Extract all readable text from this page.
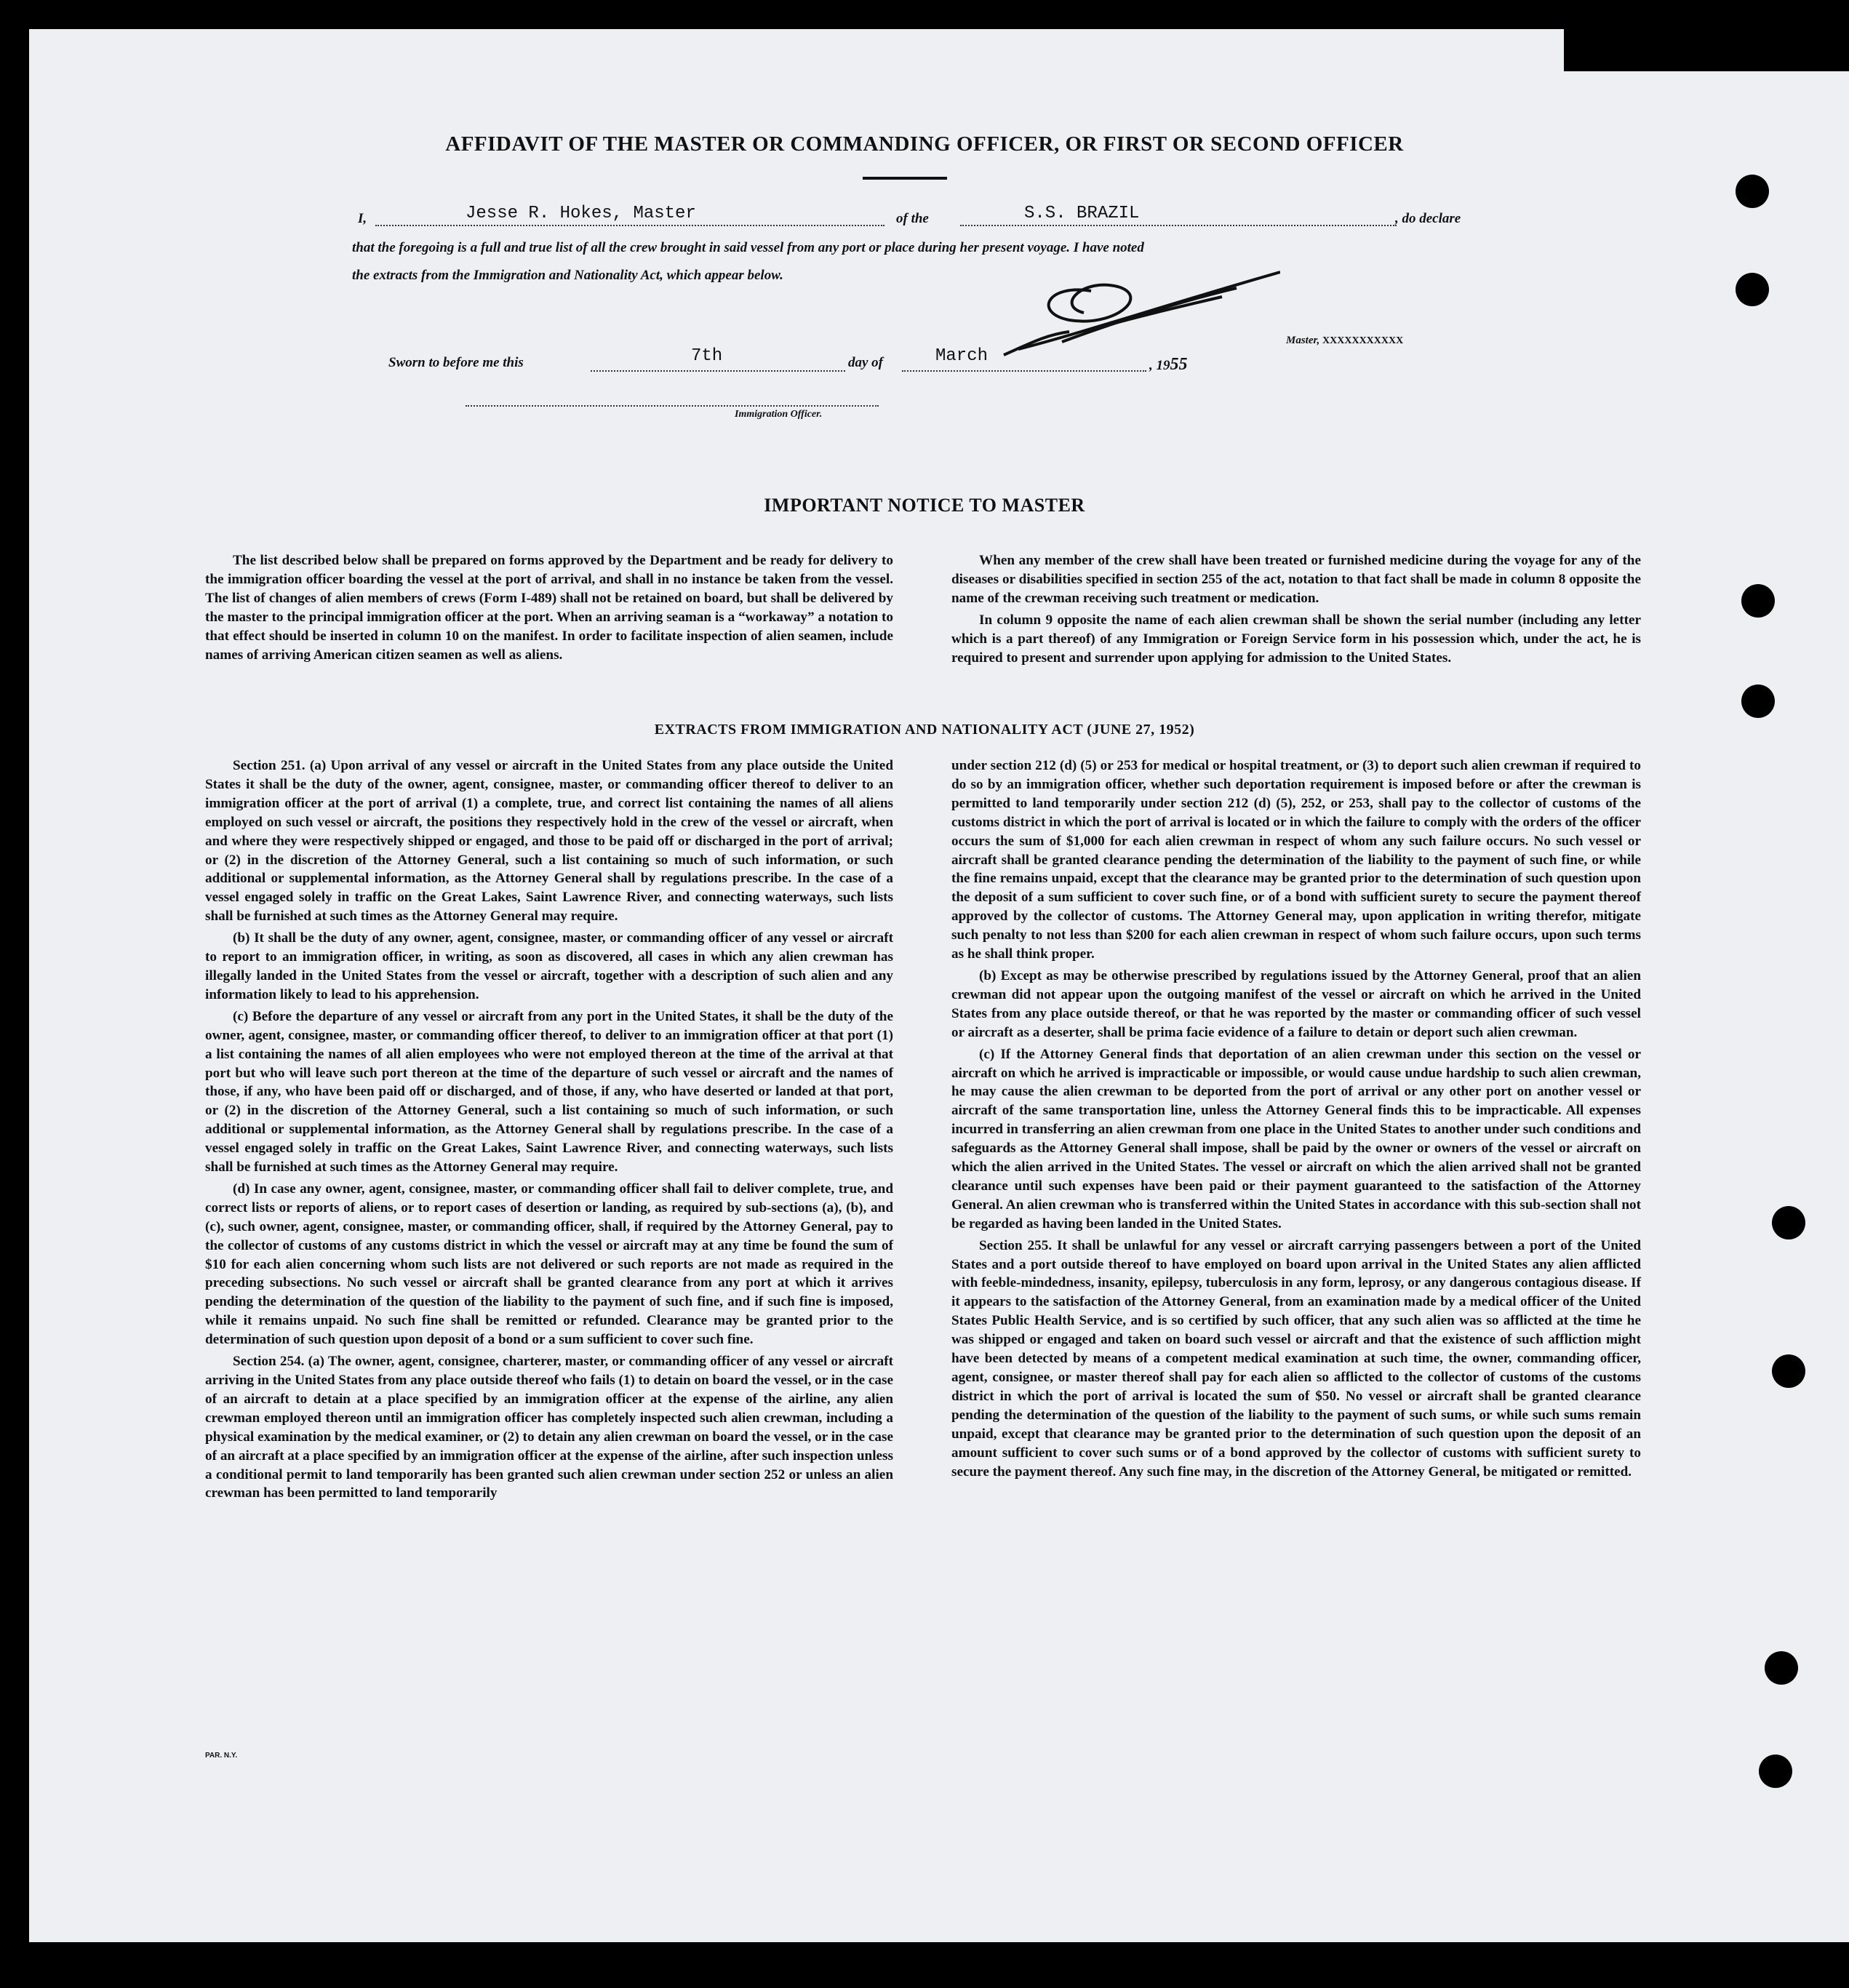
AFFIDAVIT OF THE MASTER OR COMMANDING OFFICER, OR FIRST OR SECOND OFFICER
I,	Jesse R. Hokes, Master	of the	S.S. BRAZIL	, do declare
that the foregoing is a full and true list of all the crew brought in said vessel from any port or place during her present voyage. I have noted
the extracts from the Immigration and Nationality Act, which appear below.
Master, XXXXXXXXXXX
Sworn to before me this	7th	day of	March	, 1955
Immigration Officer.
IMPORTANT NOTICE TO MASTER

The list described below shall be prepared on forms approved by the Department and be ready for delivery to the immigration officer boarding the vessel at the port of arrival, and shall in no instance be taken from the vessel. The list of changes of alien members of crews (Form I-489) shall not be retained on board, but shall be delivered by the master to the principal immigration officer at the port. When an arriving seaman is a “workaway” a notation to that effect should be inserted in column 10 on the manifest. In order to facilitate inspection of alien seamen, include names of arriving American citizen seamen as well as aliens.

When any member of the crew shall have been treated or furnished medicine during the voyage for any of the diseases or disabilities specified in section 255 of the act, notation to that fact shall be made in column 8 opposite the name of the crewman receiving such treatment or medication.

In column 9 opposite the name of each alien crewman shall be shown the serial number (including any letter which is a part thereof) of any Immigration or Foreign Service form in his possession which, under the act, he is required to present and surrender upon applying for admission to the United States.

EXTRACTS FROM IMMIGRATION AND NATIONALITY ACT (JUNE 27, 1952)

Section 251. (a) Upon arrival of any vessel or aircraft in the United States from any place outside the United States it shall be the duty of the owner, agent, consignee, master, or commanding officer thereof to deliver to an immigration officer at the port of arrival (1) a complete, true, and correct list containing the names of all aliens employed on such vessel or aircraft, the positions they respectively hold in the crew of the vessel or aircraft, when and where they were respectively shipped or engaged, and those to be paid off or discharged in the port of arrival; or (2) in the discretion of the Attorney General, such a list containing so much of such information, or such additional or supplemental information, as the Attorney General shall by regulations prescribe. In the case of a vessel engaged solely in traffic on the Great Lakes, Saint Lawrence River, and connecting waterways, such lists shall be furnished at such times as the Attorney General may require.

(b) It shall be the duty of any owner, agent, consignee, master, or commanding officer of any vessel or aircraft to report to an immigration officer, in writing, as soon as discovered, all cases in which any alien crewman has illegally landed in the United States from the vessel or aircraft, together with a description of such alien and any information likely to lead to his apprehension.

(c) Before the departure of any vessel or aircraft from any port in the United States, it shall be the duty of the owner, agent, consignee, master, or commanding officer thereof, to deliver to an immigration officer at that port (1) a list containing the names of all alien employees who were not employed thereon at the time of the arrival at that port but who will leave such port thereon at the time of the departure of such vessel or aircraft and the names of those, if any, who have been paid off or discharged, and of those, if any, who have deserted or landed at that port, or (2) in the discretion of the Attorney General, such a list containing so much of such information, or such additional or supplemental information, as the Attorney General shall by regulations prescribe. In the case of a vessel engaged solely in traffic on the Great Lakes, Saint Lawrence River, and connecting waterways, such lists shall be furnished at such times as the Attorney General may require.

(d) In case any owner, agent, consignee, master, or commanding officer shall fail to deliver complete, true, and correct lists or reports of aliens, or to report cases of desertion or landing, as required by sub-sections (a), (b), and (c), such owner, agent, consignee, master, or commanding officer, shall, if required by the Attorney General, pay to the collector of customs of any customs district in which the vessel or aircraft may at any time be found the sum of $10 for each alien concerning whom such lists are not delivered or such reports are not made as required in the preceding subsections. No such vessel or aircraft shall be granted clearance from any port at which it arrives pending the determination of the question of the liability to the payment of such fine, and if such fine is imposed, while it remains unpaid. No such fine shall be remitted or refunded. Clearance may be granted prior to the determination of such question upon deposit of a bond or a sum sufficient to cover such fine.

Section 254. (a) The owner, agent, consignee, charterer, master, or commanding officer of any vessel or aircraft arriving in the United States from any place outside thereof who fails (1) to detain on board the vessel, or in the case of an aircraft to detain at a place specified by an immigration officer at the expense of the airline, any alien crewman employed thereon until an immigration officer has completely inspected such alien crewman, including a physical examination by the medical examiner, or (2) to detain any alien crewman on board the vessel, or in the case of an aircraft at a place specified by an immigration officer at the expense of the airline, after such inspection unless a conditional permit to land temporarily has been granted such alien crewman under section 252 or unless an alien crewman has been permitted to land temporarily

under section 212 (d) (5) or 253 for medical or hospital treatment, or (3) to deport such alien crewman if required to do so by an immigration officer, whether such deportation requirement is imposed before or after the crewman is permitted to land temporarily under section 212 (d) (5), 252, or 253, shall pay to the collector of customs of the customs district in which the port of arrival is located or in which the failure to comply with the orders of the officer occurs the sum of $1,000 for each alien crewman in respect of whom any such failure occurs. No such vessel or aircraft shall be granted clearance pending the determination of the liability to the payment of such fine, or while the fine remains unpaid, except that the clearance may be granted prior to the determination of such question upon the deposit of a sum sufficient to cover such fine, or of a bond with sufficient surety to secure the payment thereof approved by the collector of customs. The Attorney General may, upon application in writing therefor, mitigate such penalty to not less than $200 for each alien crewman in respect of whom such failure occurs, upon such terms as he shall think proper.

(b) Except as may be otherwise prescribed by regulations issued by the Attorney General, proof that an alien crewman did not appear upon the outgoing manifest of the vessel or aircraft on which he arrived in the United States from any place outside thereof, or that he was reported by the master or commanding officer of such vessel or aircraft as a deserter, shall be prima facie evidence of a failure to detain or deport such alien crewman.

(c) If the Attorney General finds that deportation of an alien crewman under this section on the vessel or aircraft on which he arrived is impracticable or impossible, or would cause undue hardship to such alien crewman, he may cause the alien crewman to be deported from the port of arrival or any other port on another vessel or aircraft of the same transportation line, unless the Attorney General finds this to be impracticable. All expenses incurred in transferring an alien crewman from one place in the United States to another under such conditions and safeguards as the Attorney General shall impose, shall be paid by the owner or owners of the vessel or aircraft on which the alien arrived in the United States. The vessel or aircraft on which the alien arrived shall not be granted clearance until such expenses have been paid or their payment guaranteed to the satisfaction of the Attorney General. An alien crewman who is transferred within the United States in accordance with this sub-section shall not be regarded as having been landed in the United States.

Section 255. It shall be unlawful for any vessel or aircraft carrying passengers between a port of the United States and a port outside thereof to have employed on board upon arrival in the United States any alien afflicted with feeble-mindedness, insanity, epilepsy, tuberculosis in any form, leprosy, or any dangerous contagious disease. If it appears to the satisfaction of the Attorney General, from an examination made by a medical officer of the United States Public Health Service, and is so certified by such officer, that any such alien was so afflicted at the time he was shipped or engaged and taken on board such vessel or aircraft and that the existence of such affliction might have been detected by means of a competent medical examination at such time, the owner, commanding officer, agent, consignee, or master thereof shall pay for each alien so afflicted to the collector of customs of the customs district in which the port of arrival is located the sum of $50. No vessel or aircraft shall be granted clearance pending the determination of the question of the liability to the payment of such sums, or while such sums remain unpaid, except that clearance may be granted prior to the determination of such question upon the deposit of an amount sufficient to cover such sums or of a bond approved by the collector of customs with sufficient surety to secure the payment thereof. Any such fine may, in the discretion of the Attorney General, be mitigated or remitted.

PAR. N.Y.
